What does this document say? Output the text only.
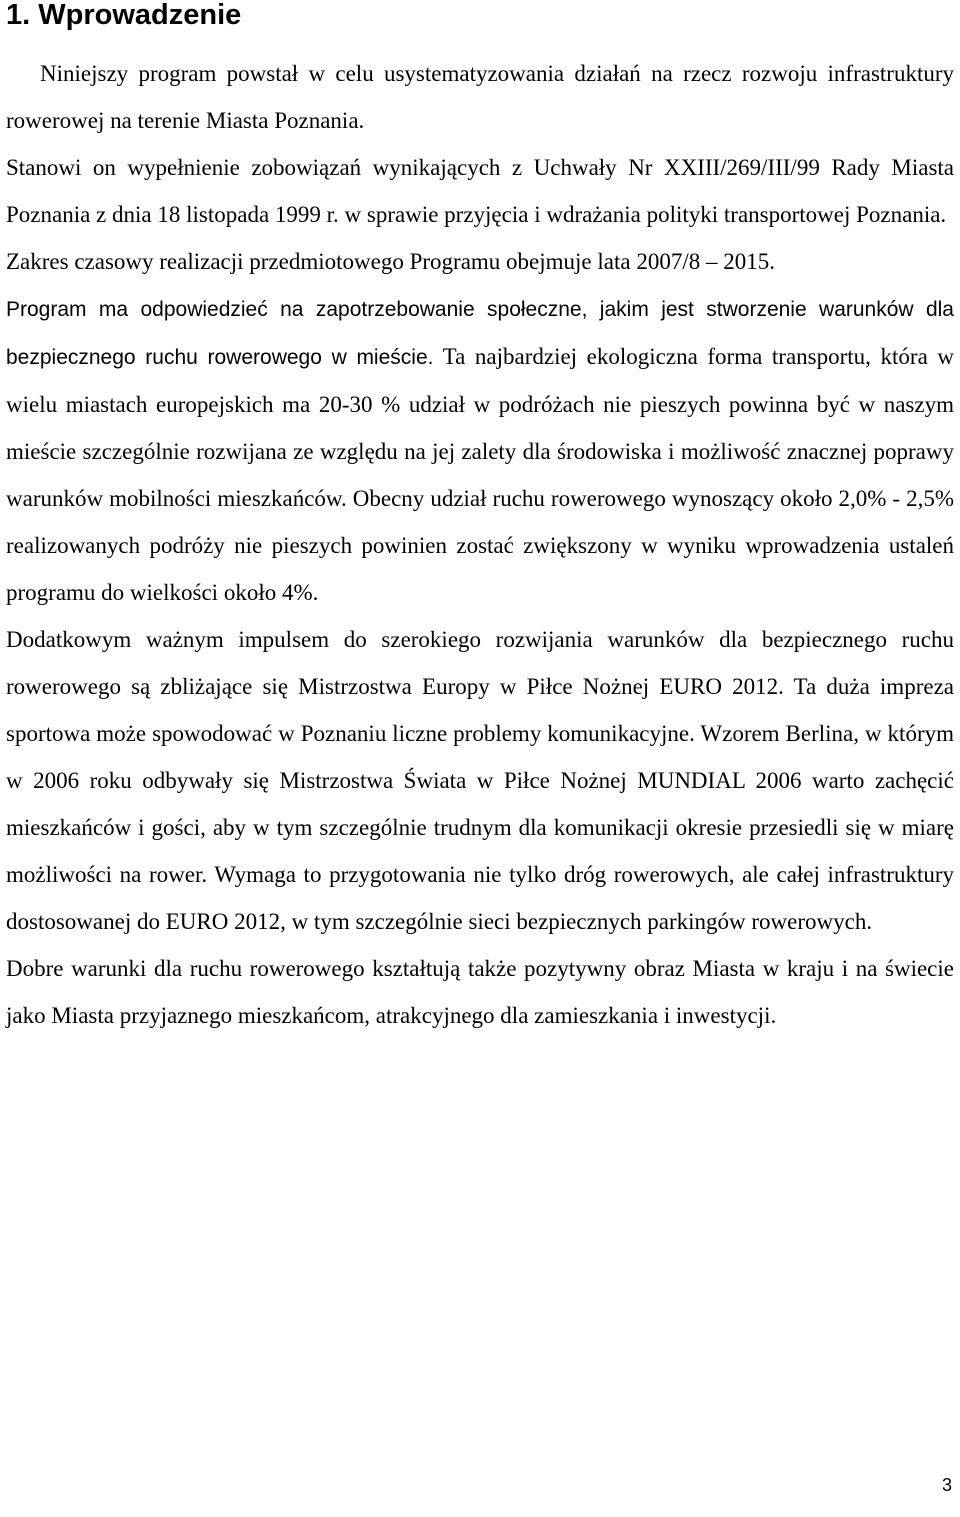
1. Wprowadzenie

Niniejszy program powstał w celu usystematyzowania działań na rzecz rozwoju infrastruktury rowerowej na terenie Miasta Poznania.

Stanowi on wypełnienie zobowiązań wynikających z Uchwały Nr XXIII/269/III/99 Rady Miasta Poznania z dnia 18 listopada 1999 r. w sprawie przyjęcia i wdrażania polityki transportowej Poznania.

Zakres czasowy realizacji przedmiotowego Programu obejmuje lata 2007/8 – 2015.

Program ma odpowiedzieć na zapotrzebowanie społeczne, jakim jest stworzenie warunków dla bezpiecznego ruchu rowerowego w mieście. Ta najbardziej ekologiczna forma transportu, która w wielu miastach europejskich ma 20-30 % udział w podróżach nie pieszych powinna być w naszym mieście szczególnie rozwijana ze względu na jej zalety dla środowiska i możliwość znacznej poprawy warunków mobilności mieszkańców. Obecny udział ruchu rowerowego wynoszący około 2,0% - 2,5% realizowanych podróży nie pieszych powinien zostać zwiększony w wyniku wprowadzenia ustaleń programu do wielkości około 4%.

Dodatkowym ważnym impulsem do szerokiego rozwijania warunków dla bezpiecznego ruchu rowerowego są zbliżające się Mistrzostwa Europy w Piłce Nożnej EURO 2012. Ta duża impreza sportowa może spowodować w Poznaniu liczne problemy komunikacyjne. Wzorem Berlina, w którym w 2006 roku odbywały się Mistrzostwa Świata w Piłce Nożnej MUNDIAL 2006 warto zachęcić mieszkańców i gości, aby w tym szczególnie trudnym dla komunikacji okresie przesiedli się w miarę możliwości na rower. Wymaga to przygotowania nie tylko dróg rowerowych, ale całej infrastruktury dostosowanej do EURO 2012, w tym szczególnie sieci bezpiecznych parkingów rowerowych.

Dobre warunki dla ruchu rowerowego kształtują także pozytywny obraz Miasta w kraju i na świecie jako Miasta przyjaznego mieszkańcom, atrakcyjnego dla zamieszkania i inwestycji.

3
